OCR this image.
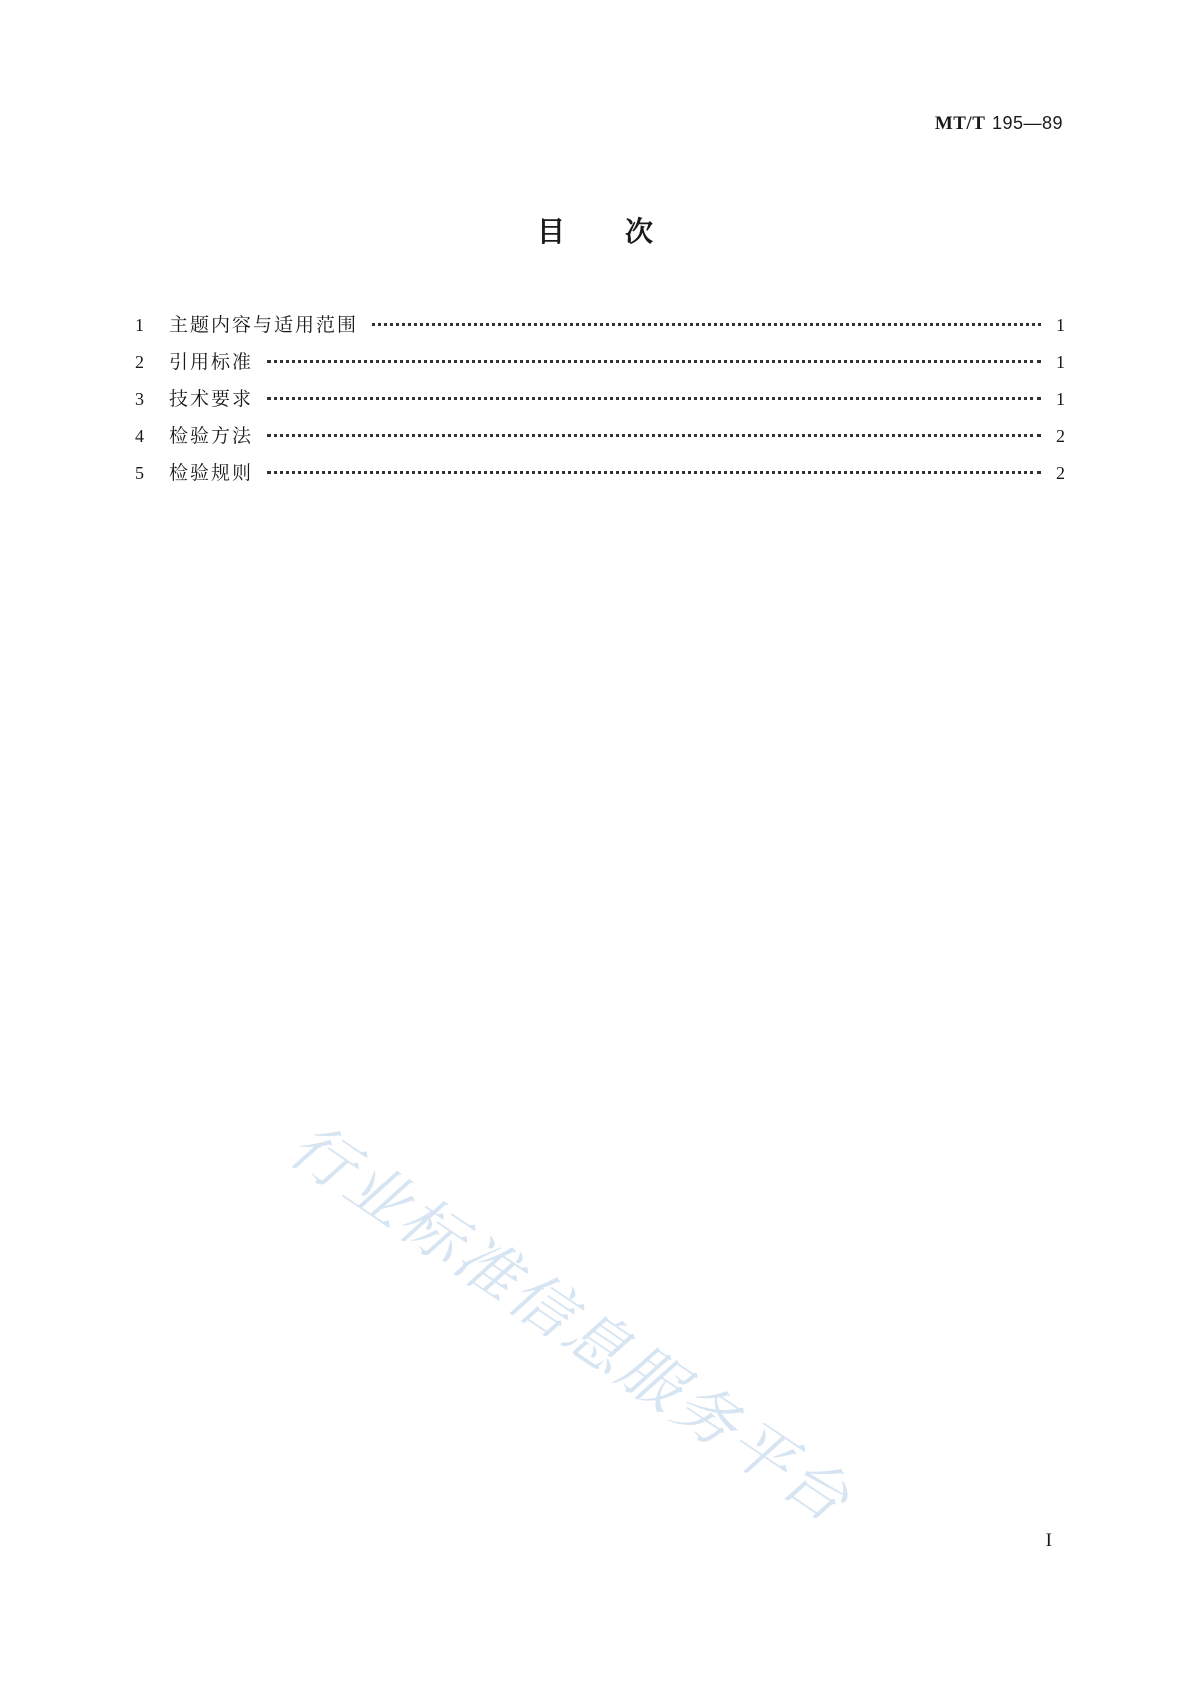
MT/T 195—89
目次
1	主题内容与适用范围	1
2	引用标准	1
3	技术要求	1
4	检验方法	2
5	检验规则	2
行业标准信息服务平台
I
